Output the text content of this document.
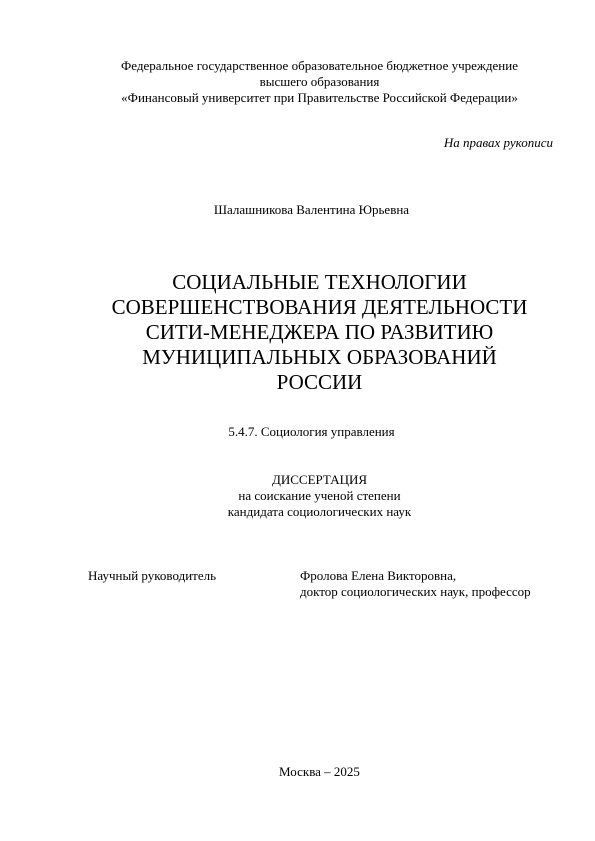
Федеральное государственное образовательное бюджетное учреждение
высшего образования
«Финансовый университет при Правительстве Российской Федерации»
На правах рукописи
Шалашникова Валентина Юрьевна
СОЦИАЛЬНЫЕ ТЕХНОЛОГИИ
СОВЕРШЕНСТВОВАНИЯ ДЕЯТЕЛЬНОСТИ
СИТИ-МЕНЕДЖЕРА ПО РАЗВИТИЮ
МУНИЦИПАЛЬНЫХ ОБРАЗОВАНИЙ
РОССИИ
5.4.7. Социология управления
ДИССЕРТАЦИЯ
на соискание ученой степени
кандидата социологических наук
Научный руководитель	Фролова Елена Викторовна,
доктор социологических наук, профессор
Москва – 2025
